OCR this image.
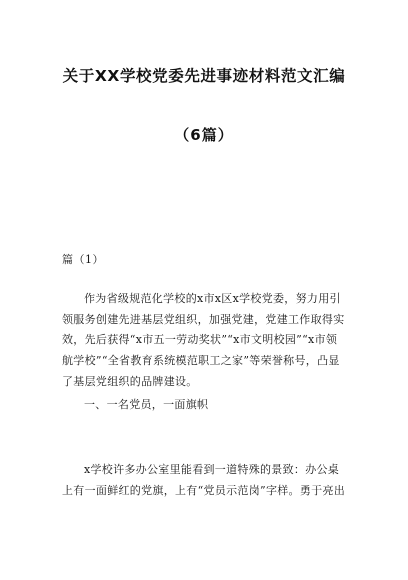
关于XX学校党委先进事迹材料范文汇编
（6篇）
篇（1）

作为省级规范化学校的x市x区x学校党委，努力用引领服务创建先进基层党组织，加强党建，党建工作取得实效，先后获得“x市五一劳动奖状”“x市文明校园”“x市领航学校”“全省教育系统模范职工之家”等荣誉称号，凸显了基层党组织的品牌建设。

一、一名党员，一面旗帜

x学校许多办公室里能看到一道特殊的景致：办公桌上有一面鲜红的党旗，上有“党员示范岗”字样。勇于亮出
